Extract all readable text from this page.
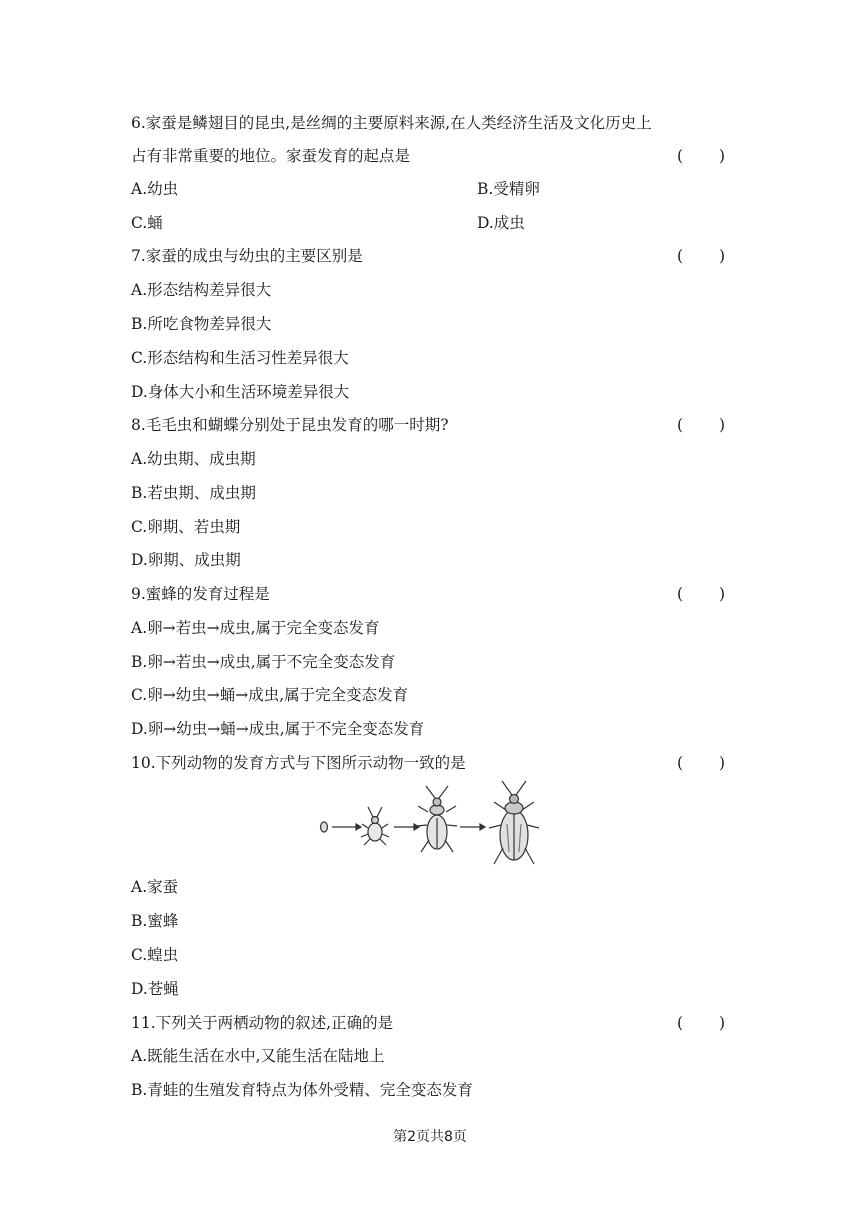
6.家蚕是鳞翅目的昆虫,是丝绸的主要原料来源,在人类经济生活及文化历史上
占有非常重要的地位。家蚕发育的起点是	( )
A.幼虫	B.受精卵
C.蛹	D.成虫
7.家蚕的成虫与幼虫的主要区别是	( )
A.形态结构差异很大
B.所吃食物差异很大
C.形态结构和生活习性差异很大
D.身体大小和生活环境差异很大
8.毛毛虫和蝴蝶分别处于昆虫发育的哪一时期?	( )
A.幼虫期、成虫期
B.若虫期、成虫期
C.卵期、若虫期
D.卵期、成虫期
9.蜜蜂的发育过程是	( )
A.卵→若虫→成虫,属于完全变态发育
B.卵→若虫→成虫,属于不完全变态发育
C.卵→幼虫→蛹→成虫,属于完全变态发育
D.卵→幼虫→蛹→成虫,属于不完全变态发育
10.下列动物的发育方式与下图所示动物一致的是	( )
A.家蚕
B.蜜蜂
C.蝗虫
D.苍蝇
11.下列关于两栖动物的叙述,正确的是	( )
A.既能生活在水中,又能生活在陆地上
B.青蛙的生殖发育特点为体外受精、完全变态发育
第2页共8页
